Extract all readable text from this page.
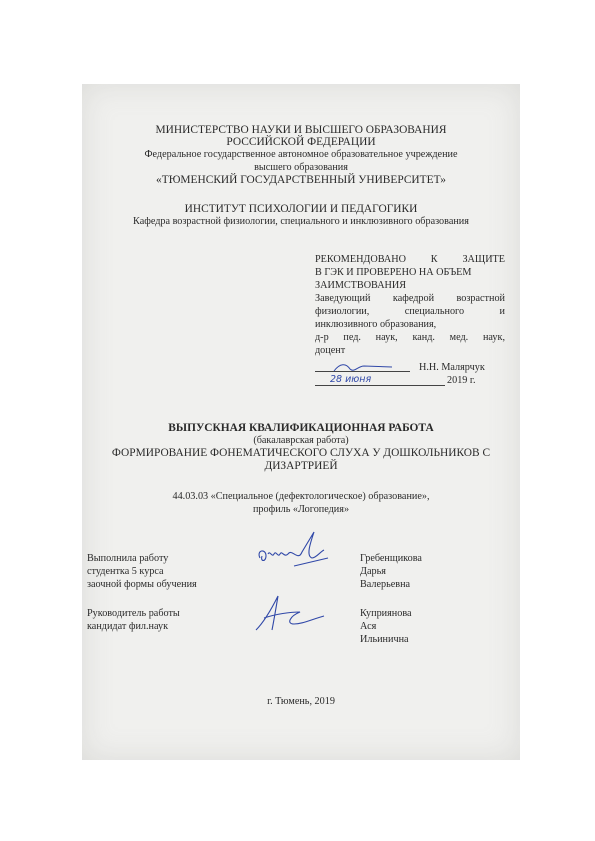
МИНИСТЕРСТВО НАУКИ И ВЫСШЕГО ОБРАЗОВАНИЯ
РОССИЙСКОЙ ФЕДЕРАЦИИ
Федеральное государственное автономное образовательное учреждение
высшего образования
«ТЮМЕНСКИЙ ГОСУДАРСТВЕННЫЙ УНИВЕРСИТЕТ»
ИНСТИТУТ ПСИХОЛОГИИ И ПЕДАГОГИКИ
Кафедра возрастной физиологии, специального и инклюзивного образования
РЕКОМЕНДОВАНО К ЗАЩИТЕ
В ГЭК И ПРОВЕРЕНО НА ОБЪЕМ
ЗАИМСТВОВАНИЯ
Заведующий кафедрой возрастной
физиологии, специального и
инклюзивного образования,
д-р пед. наук, канд. мед. наук,
доцент
Н.Н. Малярчук
28 июня	2019 г.
ВЫПУСКНАЯ КВАЛИФИКАЦИОННАЯ РАБОТА
(бакалаврская работа)
ФОРМИРОВАНИЕ ФОНЕМАТИЧЕСКОГО СЛУХА У ДОШКОЛЬНИКОВ С
ДИЗАРТРИЕЙ
44.03.03 «Специальное (дефектологическое) образование»,
профиль «Логопедия»
Выполнила работу
студентка 5 курса
заочной формы обучения
Гребенщикова
Дарья
Валерьевна
Руководитель работы
кандидат фил.наук
Куприянова
Ася
Ильинична
г. Тюмень, 2019
